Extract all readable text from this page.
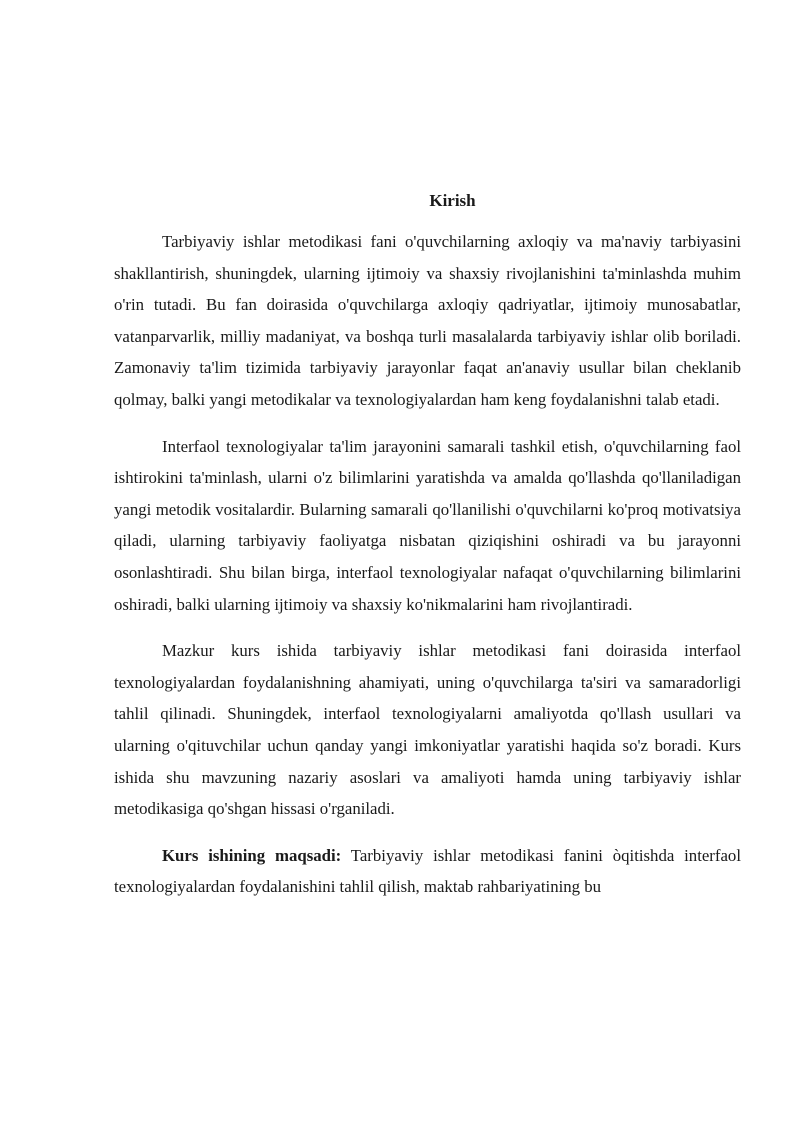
Kirish

Tarbiyaviy ishlar metodikasi fani o'quvchilarning axloqiy va ma'naviy tarbiyasini shakllantirish, shuningdek, ularning ijtimoiy va shaxsiy rivojlanishini ta'minlashda muhim o'rin tutadi. Bu fan doirasida o'quvchilarga axloqiy qadriyatlar, ijtimoiy munosabatlar, vatanparvarlik, milliy madaniyat, va boshqa turli masalalarda tarbiyaviy ishlar olib boriladi. Zamonaviy ta'lim tizimida tarbiyaviy jarayonlar faqat an'anaviy usullar bilan cheklanib qolmay, balki yangi metodikalar va texnologiyalardan ham keng foydalanishni talab etadi.

Interfaol texnologiyalar ta'lim jarayonini samarali tashkil etish, o'quvchilarning faol ishtirokini ta'minlash, ularni o'z bilimlarini yaratishda va amalda qo'llashda qo'llaniladigan yangi metodik vositalardir. Bularning samarali qo'llanilishi o'quvchilarni ko'proq motivatsiya qiladi, ularning tarbiyaviy faoliyatga nisbatan qiziqishini oshiradi va bu jarayonni osonlashtiradi. Shu bilan birga, interfaol texnologiyalar nafaqat o'quvchilarning bilimlarini oshiradi, balki ularning ijtimoiy va shaxsiy ko'nikmalarini ham rivojlantiradi.

Mazkur kurs ishida tarbiyaviy ishlar metodikasi fani doirasida interfaol texnologiyalardan foydalanishning ahamiyati, uning o'quvchilarga ta'siri va samaradorligi tahlil qilinadi. Shuningdek, interfaol texnologiyalarni amaliyotda qo'llash usullari va ularning o'qituvchilar uchun qanday yangi imkoniyatlar yaratishi haqida so'z boradi. Kurs ishida shu mavzuning nazariy asoslari va amaliyoti hamda uning tarbiyaviy ishlar metodikasiga qo'shgan hissasi o'rganiladi.

Kurs ishining maqsadi: Tarbiyaviy ishlar metodikasi fanini òqitishda interfaol texnologiyalardan foydalanishini tahlil qilish, maktab rahbariyatining bu
